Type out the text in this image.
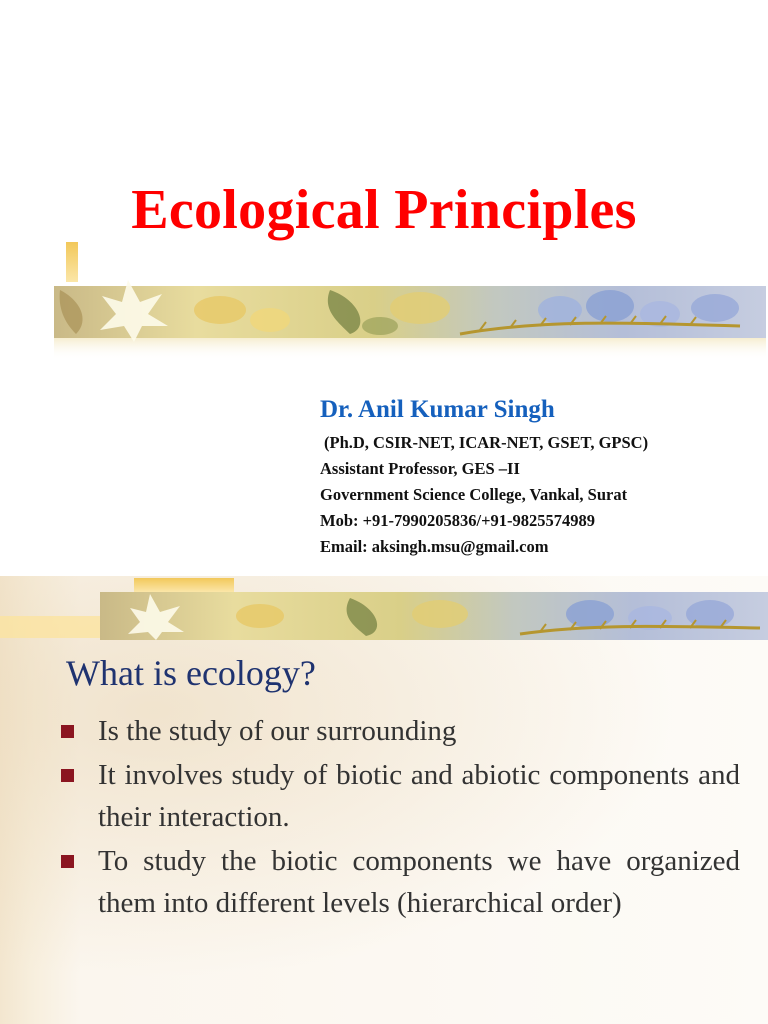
Ecological Principles

Dr. Anil Kumar Singh

(Ph.D, CSIR-NET, ICAR-NET, GSET, GPSC)

Assistant Professor, GES –II

Government Science College, Vankal, Surat

Mob: +91-7990205836/+91-9825574989

Email: aksingh.msu@gmail.com

What is ecology?
Is the study of our surrounding
It involves study of biotic and abiotic components and their interaction.
To study the biotic components we have organized them into different levels (hierarchical order)
